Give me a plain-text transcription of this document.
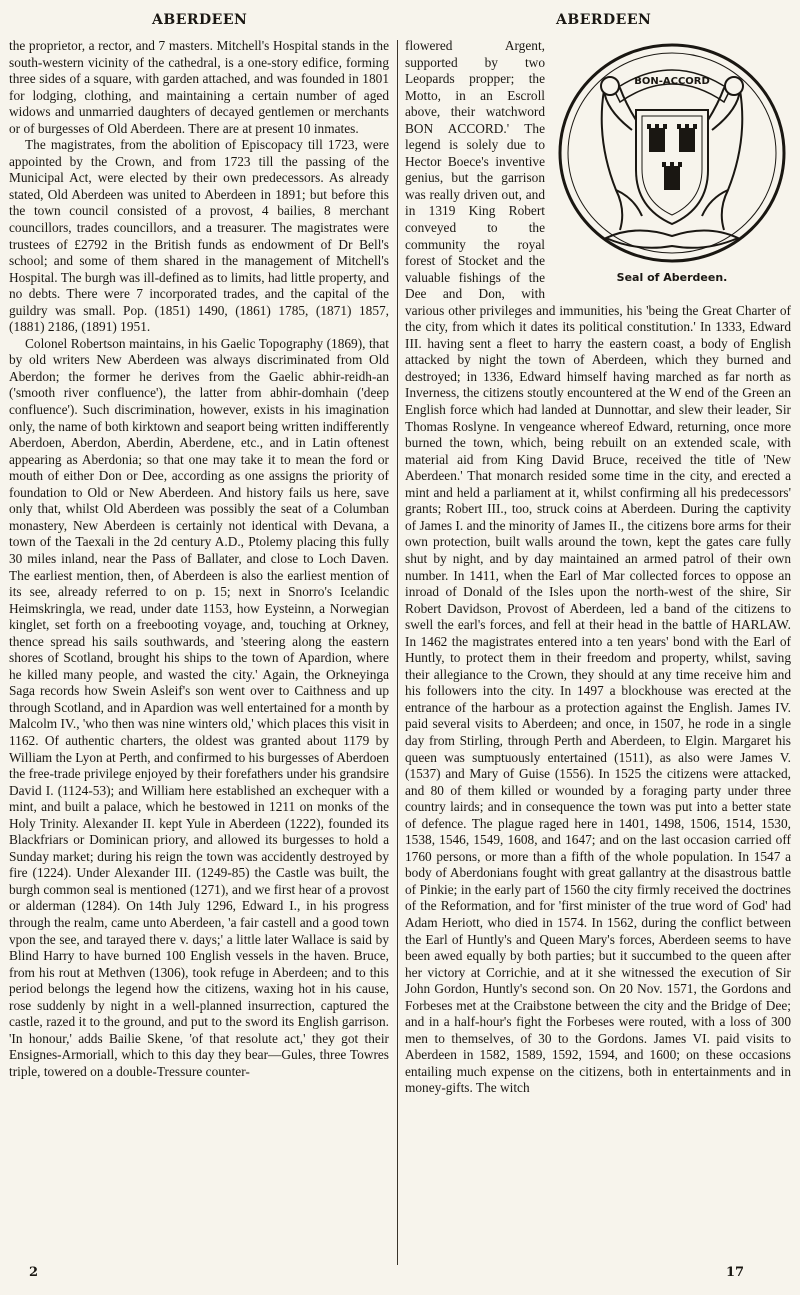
ABERDEEN	ABERDEEN

the proprietor, a rector, and 7 masters. Mitchell's Hospital stands in the south-western vicinity of the cathedral, is a one-story edifice, forming three sides of a square, with garden attached, and was founded in 1801 for lodging, clothing, and maintaining a certain number of aged widows and unmarried daughters of decayed gentlemen or merchants or of burgesses of Old Aberdeen. There are at present 10 inmates.

The magistrates, from the abolition of Episcopacy till 1723, were appointed by the Crown, and from 1723 till the passing of the Municipal Act, were elected by their own predecessors. As already stated, Old Aberdeen was united to Aberdeen in 1891; but before this the town council consisted of a provost, 4 bailies, 8 merchant councillors, trades councillors, and a treasurer. The magistrates were trustees of £2792 in the British funds as endowment of Dr Bell's school; and some of them shared in the management of Mitchell's Hospital. The burgh was ill-defined as to limits, had little property, and no debts. There were 7 incorporated trades, and the capital of the guildry was small. Pop. (1851) 1490, (1861) 1785, (1871) 1857, (1881) 2186, (1891) 1951.

Colonel Robertson maintains, in his Gaelic Topography (1869), that by old writers New Aberdeen was always discriminated from Old Aberdon; the former he derives from the Gaelic abhir-reidh-an ('smooth river confluence'), the latter from abhir-domhain ('deep confluence'). Such discrimination, however, exists in his imagination only, the name of both kirktown and seaport being written indifferently Aberdoen, Aberdon, Aberdin, Aberdene, etc., and in Latin oftenest appearing as Aberdonia; so that one may take it to mean the ford or mouth of either Don or Dee, according as one assigns the priority of foundation to Old or New Aberdeen. And history fails us here, save only that, whilst Old Aberdeen was possibly the seat of a Columban monastery, New Aberdeen is certainly not identical with Devana, a town of the Taexali in the 2d century A.D., Ptolemy placing this fully 30 miles inland, near the Pass of Ballater, and close to Loch Daven. The earliest mention, then, of Aberdeen is also the earliest mention of its see, already referred to on p. 15; next in Snorro's Icelandic Heimskringla, we read, under date 1153, how Eysteinn, a Norwegian kinglet, set forth on a freebooting voyage, and, touching at Orkney, thence spread his sails southwards, and 'steering along the eastern shores of Scotland, brought his ships to the town of Apardion, where he killed many people, and wasted the city.' Again, the Orkneyinga Saga records how Swein Asleif's son went over to Caithness and up through Scotland, and in Apardion was well entertained for a month by Malcolm IV., 'who then was nine winters old,' which places this visit in 1162. Of authentic charters, the oldest was granted about 1179 by William the Lyon at Perth, and confirmed to his burgesses of Aberdoen the free-trade privilege enjoyed by their forefathers under his grandsire David I. (1124-53); and William here established an exchequer with a mint, and built a palace, which he bestowed in 1211 on monks of the Holy Trinity. Alexander II. kept Yule in Aberdeen (1222), founded its Blackfriars or Dominican priory, and allowed its burgesses to hold a Sunday market; during his reign the town was accidently destroyed by fire (1224). Under Alexander III. (1249-85) the Castle was built, the burgh common seal is mentioned (1271), and we first hear of a provost or alderman (1284). On 14th July 1296, Edward I., in his progress through the realm, came unto Aberdeen, 'a fair castell and a good town vpon the see, and tarayed there v. days;' a little later Wallace is said by Blind Harry to have burned 100 English vessels in the haven. Bruce, from his rout at Methven (1306), took refuge in Aberdeen; and to this period belongs the legend how the citizens, waxing hot in his cause, rose suddenly by night in a well-planned insurrection, captured the castle, razed it to the ground, and put to the sword its English garrison. 'In honour,' adds Bailie Skene, 'of that resolute act,' they got their Ensignes-Armoriall, which to this day they bear—Gules, three Towres triple, towered on a double-Tressure counter-

BON-ACCORD
Seal of Aberdeen.

flowered Argent, supported by two Leopards propper; the Motto, in an Escroll above, their watchword BON ACCORD.' The legend is solely due to Hector Boece's inventive genius, but the garrison was really driven out, and in 1319 King Robert conveyed to the community the royal forest of Stocket and the valuable fishings of the Dee and Don, with various other privileges and immunities, his 'being the Great Charter of the city, from which it dates its political constitution.' In 1333, Edward III. having sent a fleet to harry the eastern coast, a body of English attacked by night the town of Aberdeen, which they burned and destroyed; in 1336, Edward himself having marched as far north as Inverness, the citizens stoutly encountered at the W end of the Green an English force which had landed at Dunnottar, and slew their leader, Sir Thomas Roslyne. In vengeance whereof Edward, returning, once more burned the town, which, being rebuilt on an extended scale, with material aid from King David Bruce, received the title of 'New Aberdeen.' That monarch resided some time in the city, and erected a mint and held a parliament at it, whilst confirming all his predecessors' grants; Robert III., too, struck coins at Aberdeen. During the captivity of James I. and the minority of James II., the citizens bore arms for their own protection, built walls around the town, kept the gates care fully shut by night, and by day maintained an armed patrol of their own number. In 1411, when the Earl of Mar collected forces to oppose an inroad of Donald of the Isles upon the north-west of the shire, Sir Robert Davidson, Provost of Aberdeen, led a band of the citizens to swell the earl's forces, and fell at their head in the battle of HARLAW. In 1462 the magistrates entered into a ten years' bond with the Earl of Huntly, to protect them in their freedom and property, whilst, saving their allegiance to the Crown, they should at any time receive him and his followers into the city. In 1497 a blockhouse was erected at the entrance of the harbour as a protection against the English. James IV. paid several visits to Aberdeen; and once, in 1507, he rode in a single day from Stirling, through Perth and Aberdeen, to Elgin. Margaret his queen was sumptuously entertained (1511), as also were James V. (1537) and Mary of Guise (1556). In 1525 the citizens were attacked, and 80 of them killed or wounded by a foraging party under three country lairds; and in consequence the town was put into a better state of defence. The plague raged here in 1401, 1498, 1506, 1514, 1530, 1538, 1546, 1549, 1608, and 1647; and on the last occasion carried off 1760 persons, or more than a fifth of the whole population. In 1547 a body of Aberdonians fought with great gallantry at the disastrous battle of Pinkie; in the early part of 1560 the city firmly received the doctrines of the Reformation, and for 'first minister of the true word of God' had Adam Heriott, who died in 1574. In 1562, during the conflict between the Earl of Huntly's and Queen Mary's forces, Aberdeen seems to have been awed equally by both parties; but it succumbed to the queen after her victory at Corrichie, and at it she witnessed the execution of Sir John Gordon, Huntly's second son. On 20 Nov. 1571, the Gordons and Forbeses met at the Craibstone between the city and the Bridge of Dee; and in a half-hour's fight the Forbeses were routed, with a loss of 300 men to themselves, of 30 to the Gordons. James VI. paid visits to Aberdeen in 1582, 1589, 1592, 1594, and 1600; on these occasions entailing much expense on the citizens, both in entertainments and in money-gifts. The witch

2	17
